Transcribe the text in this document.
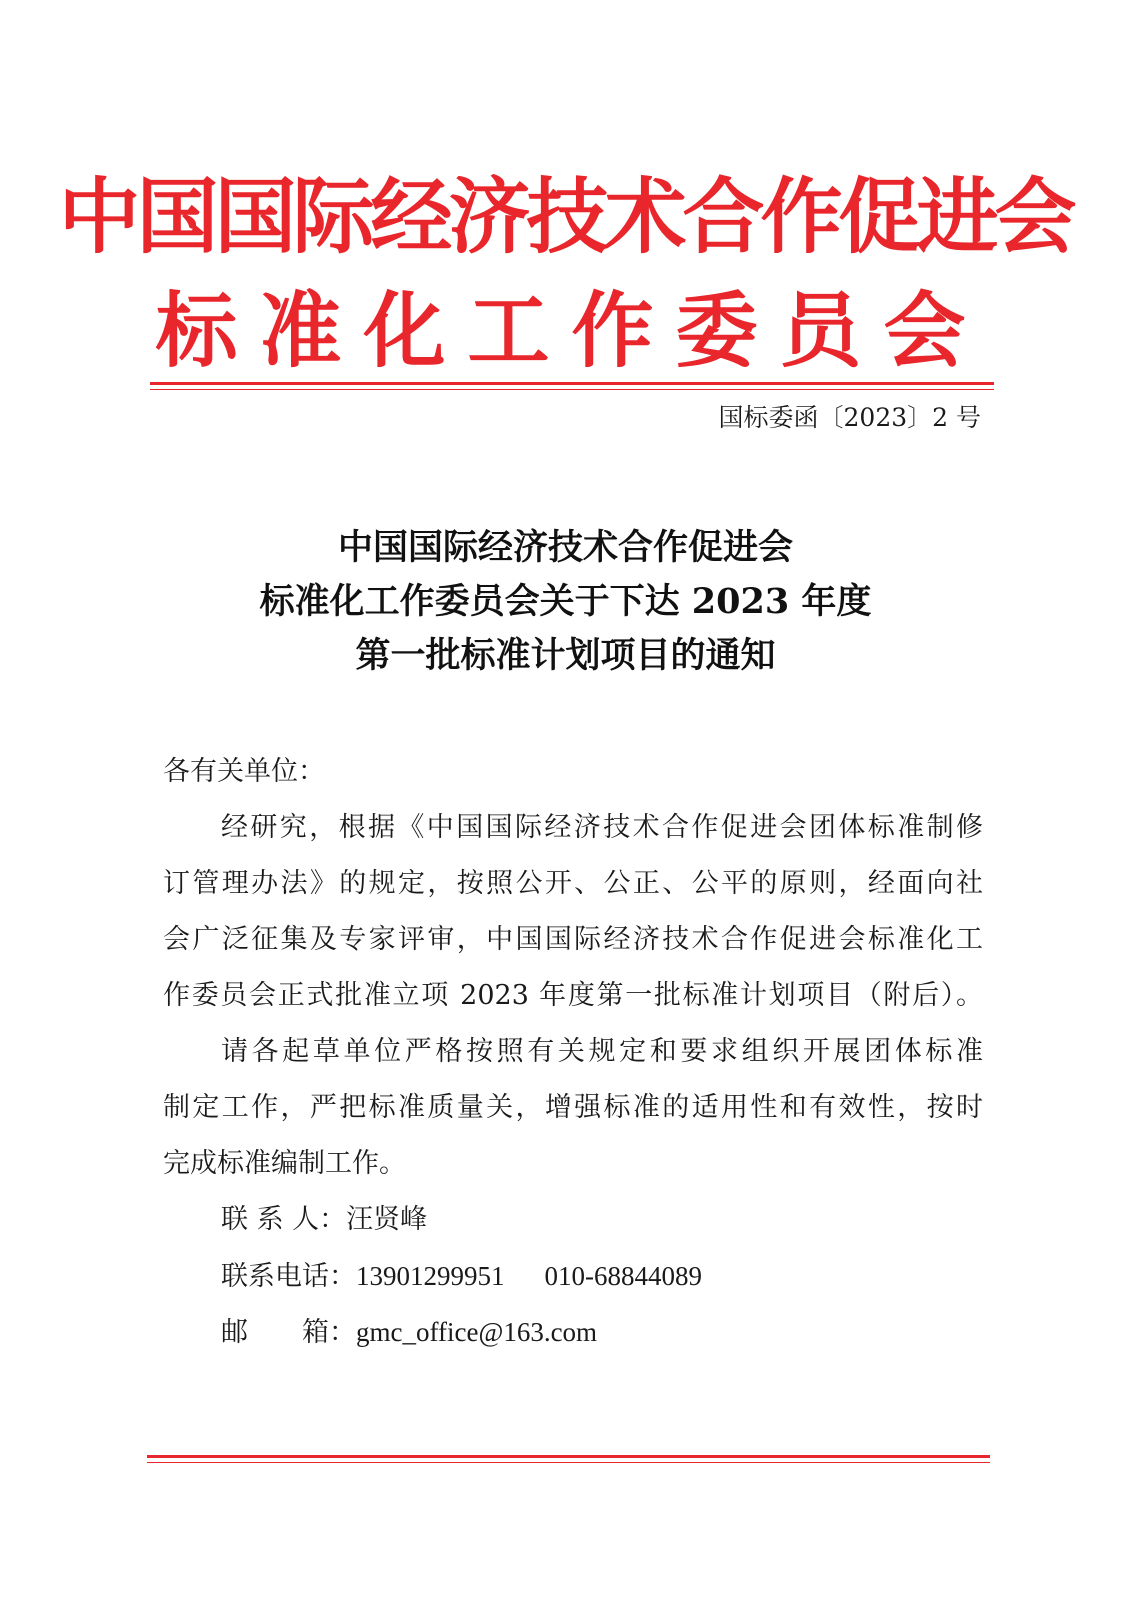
中国国际经济技术合作促进会
标准化工作委员会
国标委函〔2023〕2 号
中国国际经济技术合作促进会
标准化工作委员会关于下达 2023 年度
第一批标准计划项目的通知
各有关单位：
经研究，根据《中国国际经济技术合作促进会团体标准制修
订管理办法》的规定，按照公开、公正、公平的原则，经面向社
会广泛征集及专家评审，中国国际经济技术合作促进会标准化工
作委员会正式批准立项 2023 年度第一批标准计划项目（附后）。
请各起草单位严格按照有关规定和要求组织开展团体标准
制定工作，严把标准质量关，增强标准的适用性和有效性，按时
完成标准编制工作。
联 系 人：汪贤峰
联系电话：13901299951 010-68844089
邮　　箱：gmc_office@163.com
